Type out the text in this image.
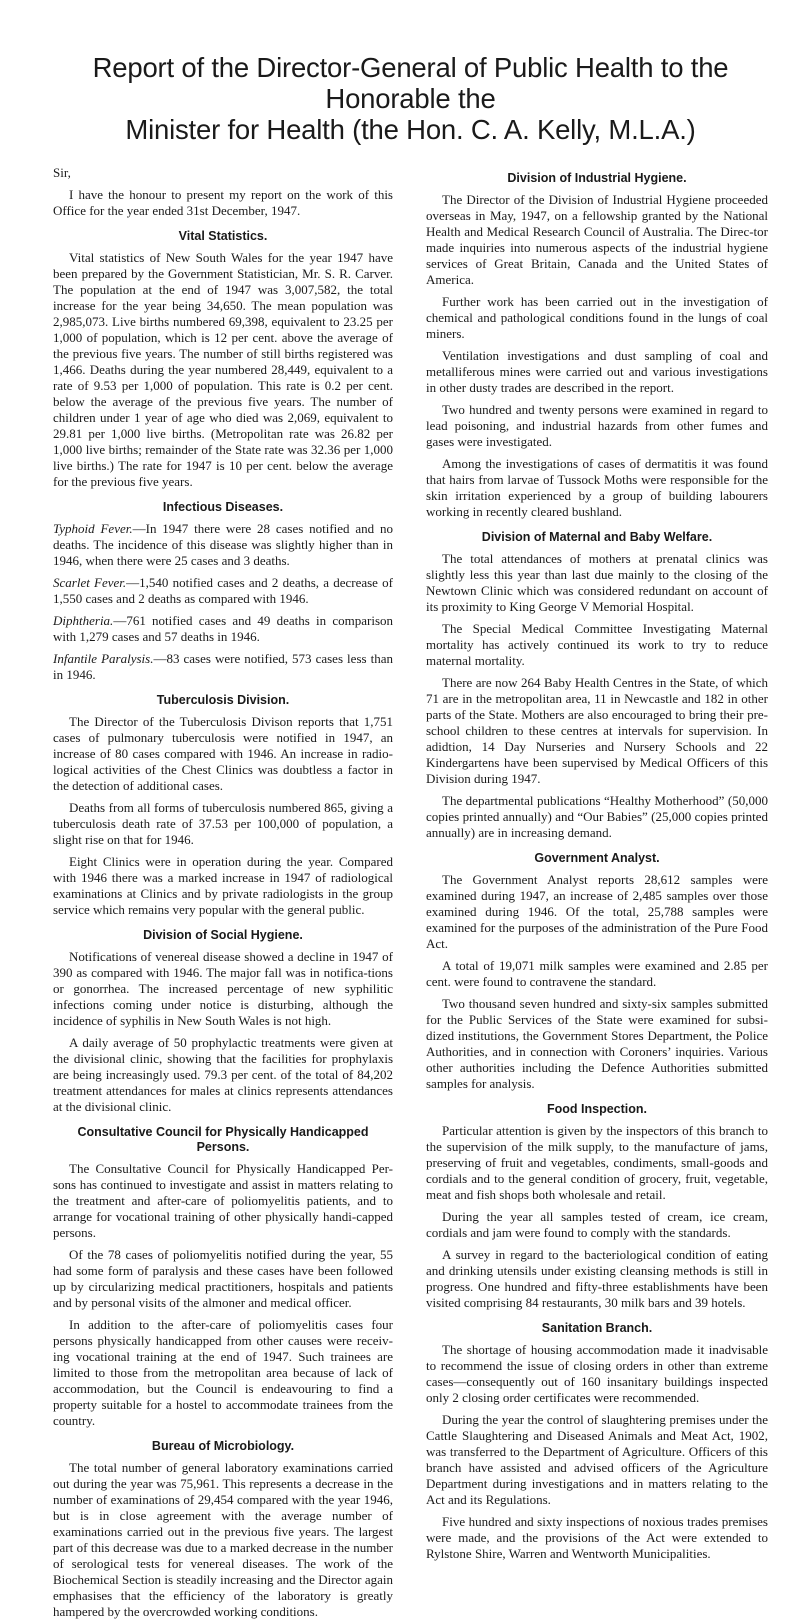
Report of the Director-General of Public Health to the Honorable the
Minister for Health (the Hon. C. A. Kelly, M.L.A.)

Sir,

I have the honour to present my report on the work of this Office for the year ended 31st December, 1947.

Vital Statistics.

Vital statistics of New South Wales for the year 1947 have been prepared by the Government Statistician, Mr. S. R. Carver. The population at the end of 1947 was 3,007,582, the total increase for the year being 34,650. The mean population was 2,985,073. Live births numbered 69,398, equivalent to 23.25 per 1,000 of population, which is 12 per cent. above the average of the previous five years. The number of still births registered was 1,466. Deaths during the year numbered 28,449, equivalent to a rate of 9.53 per 1,000 of population. This rate is 0.2 per cent. below the average of the previous five years. The number of children under 1 year of age who died was 2,069, equivalent to 29.81 per 1,000 live births. (Metropolitan rate was 26.82 per 1,000 live births; remainder of the State rate was 32.36 per 1,000 live births.) The rate for 1947 is 10 per cent. below the average for the previous five years.

Infectious Diseases.

Typhoid Fever.—In 1947 there were 28 cases notified and no deaths. The incidence of this disease was slightly higher than in 1946, when there were 25 cases and 3 deaths.

Scarlet Fever.—1,540 notified cases and 2 deaths, a decrease of 1,550 cases and 2 deaths as compared with 1946.

Diphtheria.—761 notified cases and 49 deaths in comparison with 1,279 cases and 57 deaths in 1946.

Infantile Paralysis.—83 cases were notified, 573 cases less than in 1946.

Tuberculosis Division.

The Director of the Tuberculosis Divison reports that 1,751 cases of pulmonary tuberculosis were notified in 1947, an increase of 80 cases compared with 1946. An increase in radio-logical activities of the Chest Clinics was doubtless a factor in the detection of additional cases.

Deaths from all forms of tuberculosis numbered 865, giving a tuberculosis death rate of 37.53 per 100,000 of population, a slight rise on that for 1946.

Eight Clinics were in operation during the year. Compared with 1946 there was a marked increase in 1947 of radiological examinations at Clinics and by private radiologists in the group service which remains very popular with the general public.

Division of Social Hygiene.

Notifications of venereal disease showed a decline in 1947 of 390 as compared with 1946. The major fall was in notifica-tions or gonorrhea. The increased percentage of new syphilitic infections coming under notice is disturbing, although the incidence of syphilis in New South Wales is not high.

A daily average of 50 prophylactic treatments were given at the divisional clinic, showing that the facilities for prophylaxis are being increasingly used. 79.3 per cent. of the total of 84,202 treatment attendances for males at clinics represents attendances at the divisional clinic.

Consultative Council for Physically Handicapped Persons.

The Consultative Council for Physically Handicapped Per-sons has continued to investigate and assist in matters relating to the treatment and after-care of poliomyelitis patients, and to arrange for vocational training of other physically handi-capped persons.

Of the 78 cases of poliomyelitis notified during the year, 55 had some form of paralysis and these cases have been followed up by circularizing medical practitioners, hospitals and patients and by personal visits of the almoner and medical officer.

In addition to the after-care of poliomyelitis cases four persons physically handicapped from other causes were receiv-ing vocational training at the end of 1947. Such trainees are limited to those from the metropolitan area because of lack of accommodation, but the Council is endeavouring to find a property suitable for a hostel to accommodate trainees from the country.

Bureau of Microbiology.

The total number of general laboratory examinations carried out during the year was 75,961. This represents a decrease in the number of examinations of 29,454 compared with the year 1946, but is in close agreement with the average number of examinations carried out in the previous five years. The largest part of this decrease was due to a marked decrease in the number of serological tests for venereal diseases. The work of the Biochemical Section is steadily increasing and the Director again emphasises that the efficiency of the laboratory is greatly hampered by the overcrowded working conditions.

Division of Industrial Hygiene.

The Director of the Division of Industrial Hygiene proceeded overseas in May, 1947, on a fellowship granted by the National Health and Medical Research Council of Australia. The Direc-tor made inquiries into numerous aspects of the industrial hygiene services of Great Britain, Canada and the United States of America.

Further work has been carried out in the investigation of chemical and pathological conditions found in the lungs of coal miners.

Ventilation investigations and dust sampling of coal and metalliferous mines were carried out and various investigations in other dusty trades are described in the report.

Two hundred and twenty persons were examined in regard to lead poisoning, and industrial hazards from other fumes and gases were investigated.

Among the investigations of cases of dermatitis it was found that hairs from larvae of Tussock Moths were responsible for the skin irritation experienced by a group of building labourers working in recently cleared bushland.

Division of Maternal and Baby Welfare.

The total attendances of mothers at prenatal clinics was slightly less this year than last due mainly to the closing of the Newtown Clinic which was considered redundant on account of its proximity to King George V Memorial Hospital.

The Special Medical Committee Investigating Maternal mortality has actively continued its work to try to reduce maternal mortality.

There are now 264 Baby Health Centres in the State, of which 71 are in the metropolitan area, 11 in Newcastle and 182 in other parts of the State. Mothers are also encouraged to bring their pre-school children to these centres at intervals for supervision. In adidtion, 14 Day Nurseries and Nursery Schools and 22 Kindergartens have been supervised by Medical Officers of this Division during 1947.

The departmental publications “Healthy Motherhood” (50,000 copies printed annually) and “Our Babies” (25,000 copies printed annually) are in increasing demand.

Government Analyst.

The Government Analyst reports 28,612 samples were examined during 1947, an increase of 2,485 samples over those examined during 1946. Of the total, 25,788 samples were examined for the purposes of the administration of the Pure Food Act.

A total of 19,071 milk samples were examined and 2.85 per cent. were found to contravene the standard.

Two thousand seven hundred and sixty-six samples submitted for the Public Services of the State were examined for subsi-dized institutions, the Government Stores Department, the Police Authorities, and in connection with Coroners’ inquiries. Various other authorities including the Defence Authorities submitted samples for analysis.

Food Inspection.

Particular attention is given by the inspectors of this branch to the supervision of the milk supply, to the manufacture of jams, preserving of fruit and vegetables, condiments, small-goods and cordials and to the general condition of grocery, fruit, vegetable, meat and fish shops both wholesale and retail.

During the year all samples tested of cream, ice cream, cordials and jam were found to comply with the standards.

A survey in regard to the bacteriological condition of eating and drinking utensils under existing cleansing methods is still in progress. One hundred and fifty-three establishments have been visited comprising 84 restaurants, 30 milk bars and 39 hotels.

Sanitation Branch.

The shortage of housing accommodation made it inadvisable to recommend the issue of closing orders in other than extreme cases—consequently out of 160 insanitary buildings inspected only 2 closing order certificates were recommended.

During the year the control of slaughtering premises under the Cattle Slaughtering and Diseased Animals and Meat Act, 1902, was transferred to the Department of Agriculture. Officers of this branch have assisted and advised officers of the Agriculture Department during investigations and in matters relating to the Act and its Regulations.

Five hundred and sixty inspections of noxious trades premises were made, and the provisions of the Act were extended to Rylstone Shire, Warren and Wentworth Municipalities.
